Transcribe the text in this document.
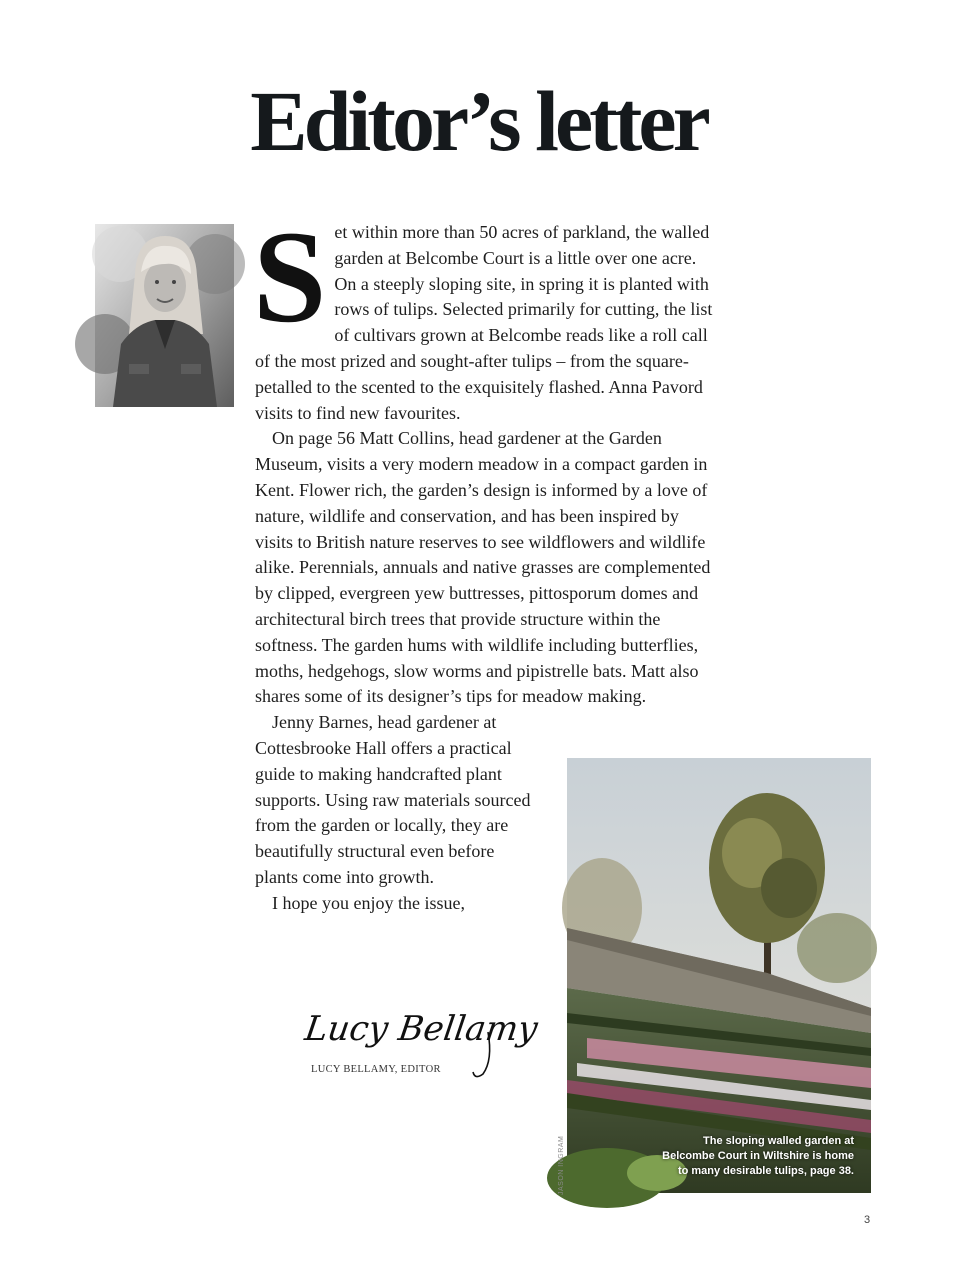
Editor’s letter

Set within more than 50 acres of parkland, the walled garden at Belcombe Court is a little over one acre. On a steeply sloping site, in spring it is planted with rows of tulips. Selected primarily for cutting, the list of cultivars grown at Belcombe reads like a roll call of the most prized and sought-after tulips – from the square-petalled to the scented to the exquisitely flashed. Anna Pavord visits to find new favourites.

On page 56 Matt Collins, head gardener at the Garden Museum, visits a very modern meadow in a compact garden in Kent. Flower rich, the garden’s design is informed by a love of nature, wildlife and conservation, and has been inspired by visits to British nature reserves to see wildflowers and wildlife alike. Perennials, annuals and native grasses are complemented by clipped, evergreen yew buttresses, pittosporum domes and architectural birch trees that provide structure within the softness. The garden hums with wildlife including butterflies, moths, hedgehogs, slow worms and pipistrelle bats. Matt also shares some of its designer’s tips for meadow making.

Jenny Barnes, head gardener at Cottesbrooke Hall offers a practical guide to making handcrafted plant supports. Using raw materials sourced from the garden or locally, they are beautifully structural even before plants come into growth.

I hope you enjoy the issue,

Lucy Bellamy
LUCY BELLAMY, EDITOR
JASON INGRAM	The sloping walled garden at Belcombe Court in Wiltshire is home to many desirable tulips, page 38.
3
